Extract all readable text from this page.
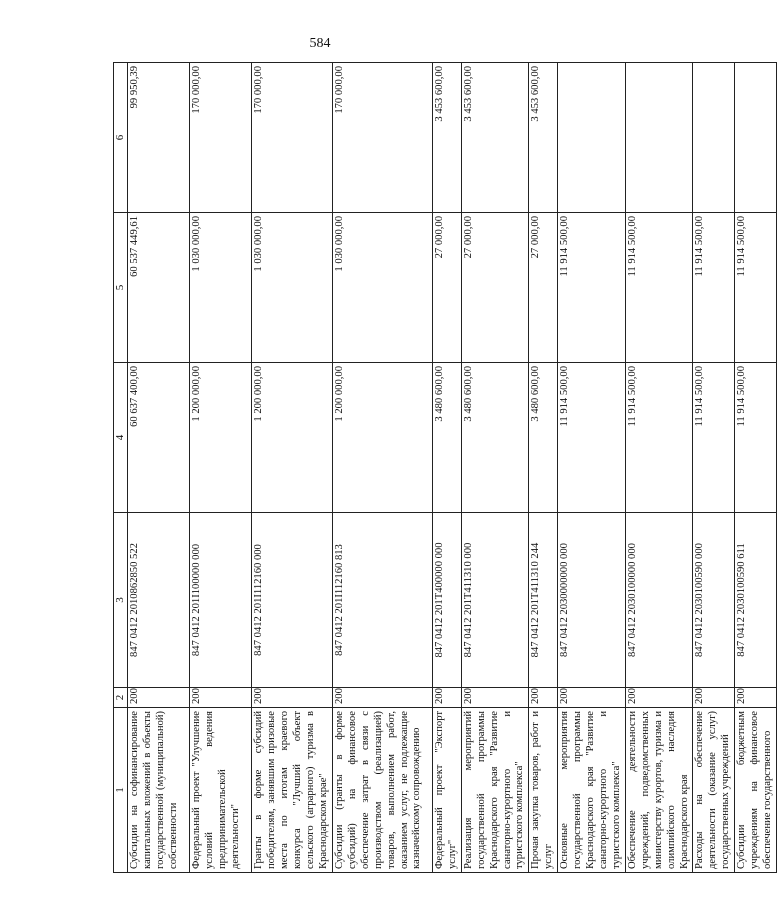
584
1	2	3	4	5	6
Субсидии на софинансирование капитальных вложений в объекты государственной (муниципальной) собственности	200	847 0412 2010862850 522	60 637 400,00	60 537 449,61	99 950,39
Федеральный проект "Улучшение условий ведения предпринимательской деятельности"	200	847 0412 201I100000 000	1 200 000,00	1 030 000,00	170 000,00
Гранты в форме субсидий победителям, занявшим призовые места по итогам краевого конкурса "Лучший объект сельского (аграрного) туризма в Краснодарском крае"	200	847 0412 201I112160 000	1 200 000,00	1 030 000,00	170 000,00
Субсидии (гранты в форме субсидий) на финансовое обеспечение затрат в связи с производством (реализацией) товаров, выполнением работ, оказанием услуг, не подлежащие казначейскому сопровождению	200	847 0412 201I112160 813	1 200 000,00	1 030 000,00	170 000,00
Федеральный проект "Экспорт услуг"	200	847 0412 201T400000 000	3 480 600,00	27 000,00	3 453 600,00
Реализация мероприятий государственной программы Краснодарского края "Развитие санаторно-курортного и туристского комплекса"	200	847 0412 201T411310 000	3 480 600,00	27 000,00	3 453 600,00
Прочая закупка товаров, работ и услуг	200	847 0412 201T411310 244	3 480 600,00	27 000,00	3 453 600,00
Основные мероприятия государственной программы Краснодарского края "Развитие санаторно-курортного и туристского комплекса"	200	847 0412 2030000000 000	11 914 500,00	11 914 500,00	
Обеспечение деятельности учреждений, подведомственных министерству курортов, туризма и олимпийского наследия Краснодарского края	200	847 0412 2030100000 000	11 914 500,00	11 914 500,00	
Расходы на обеспечение деятельности (оказание услуг) государственных учреждений	200	847 0412 2030100590 000	11 914 500,00	11 914 500,00	
Субсидии бюджетным учреждениям на финансовое обеспечение государственного	200	847 0412 2030100590 611	11 914 500,00	11 914 500,00	
